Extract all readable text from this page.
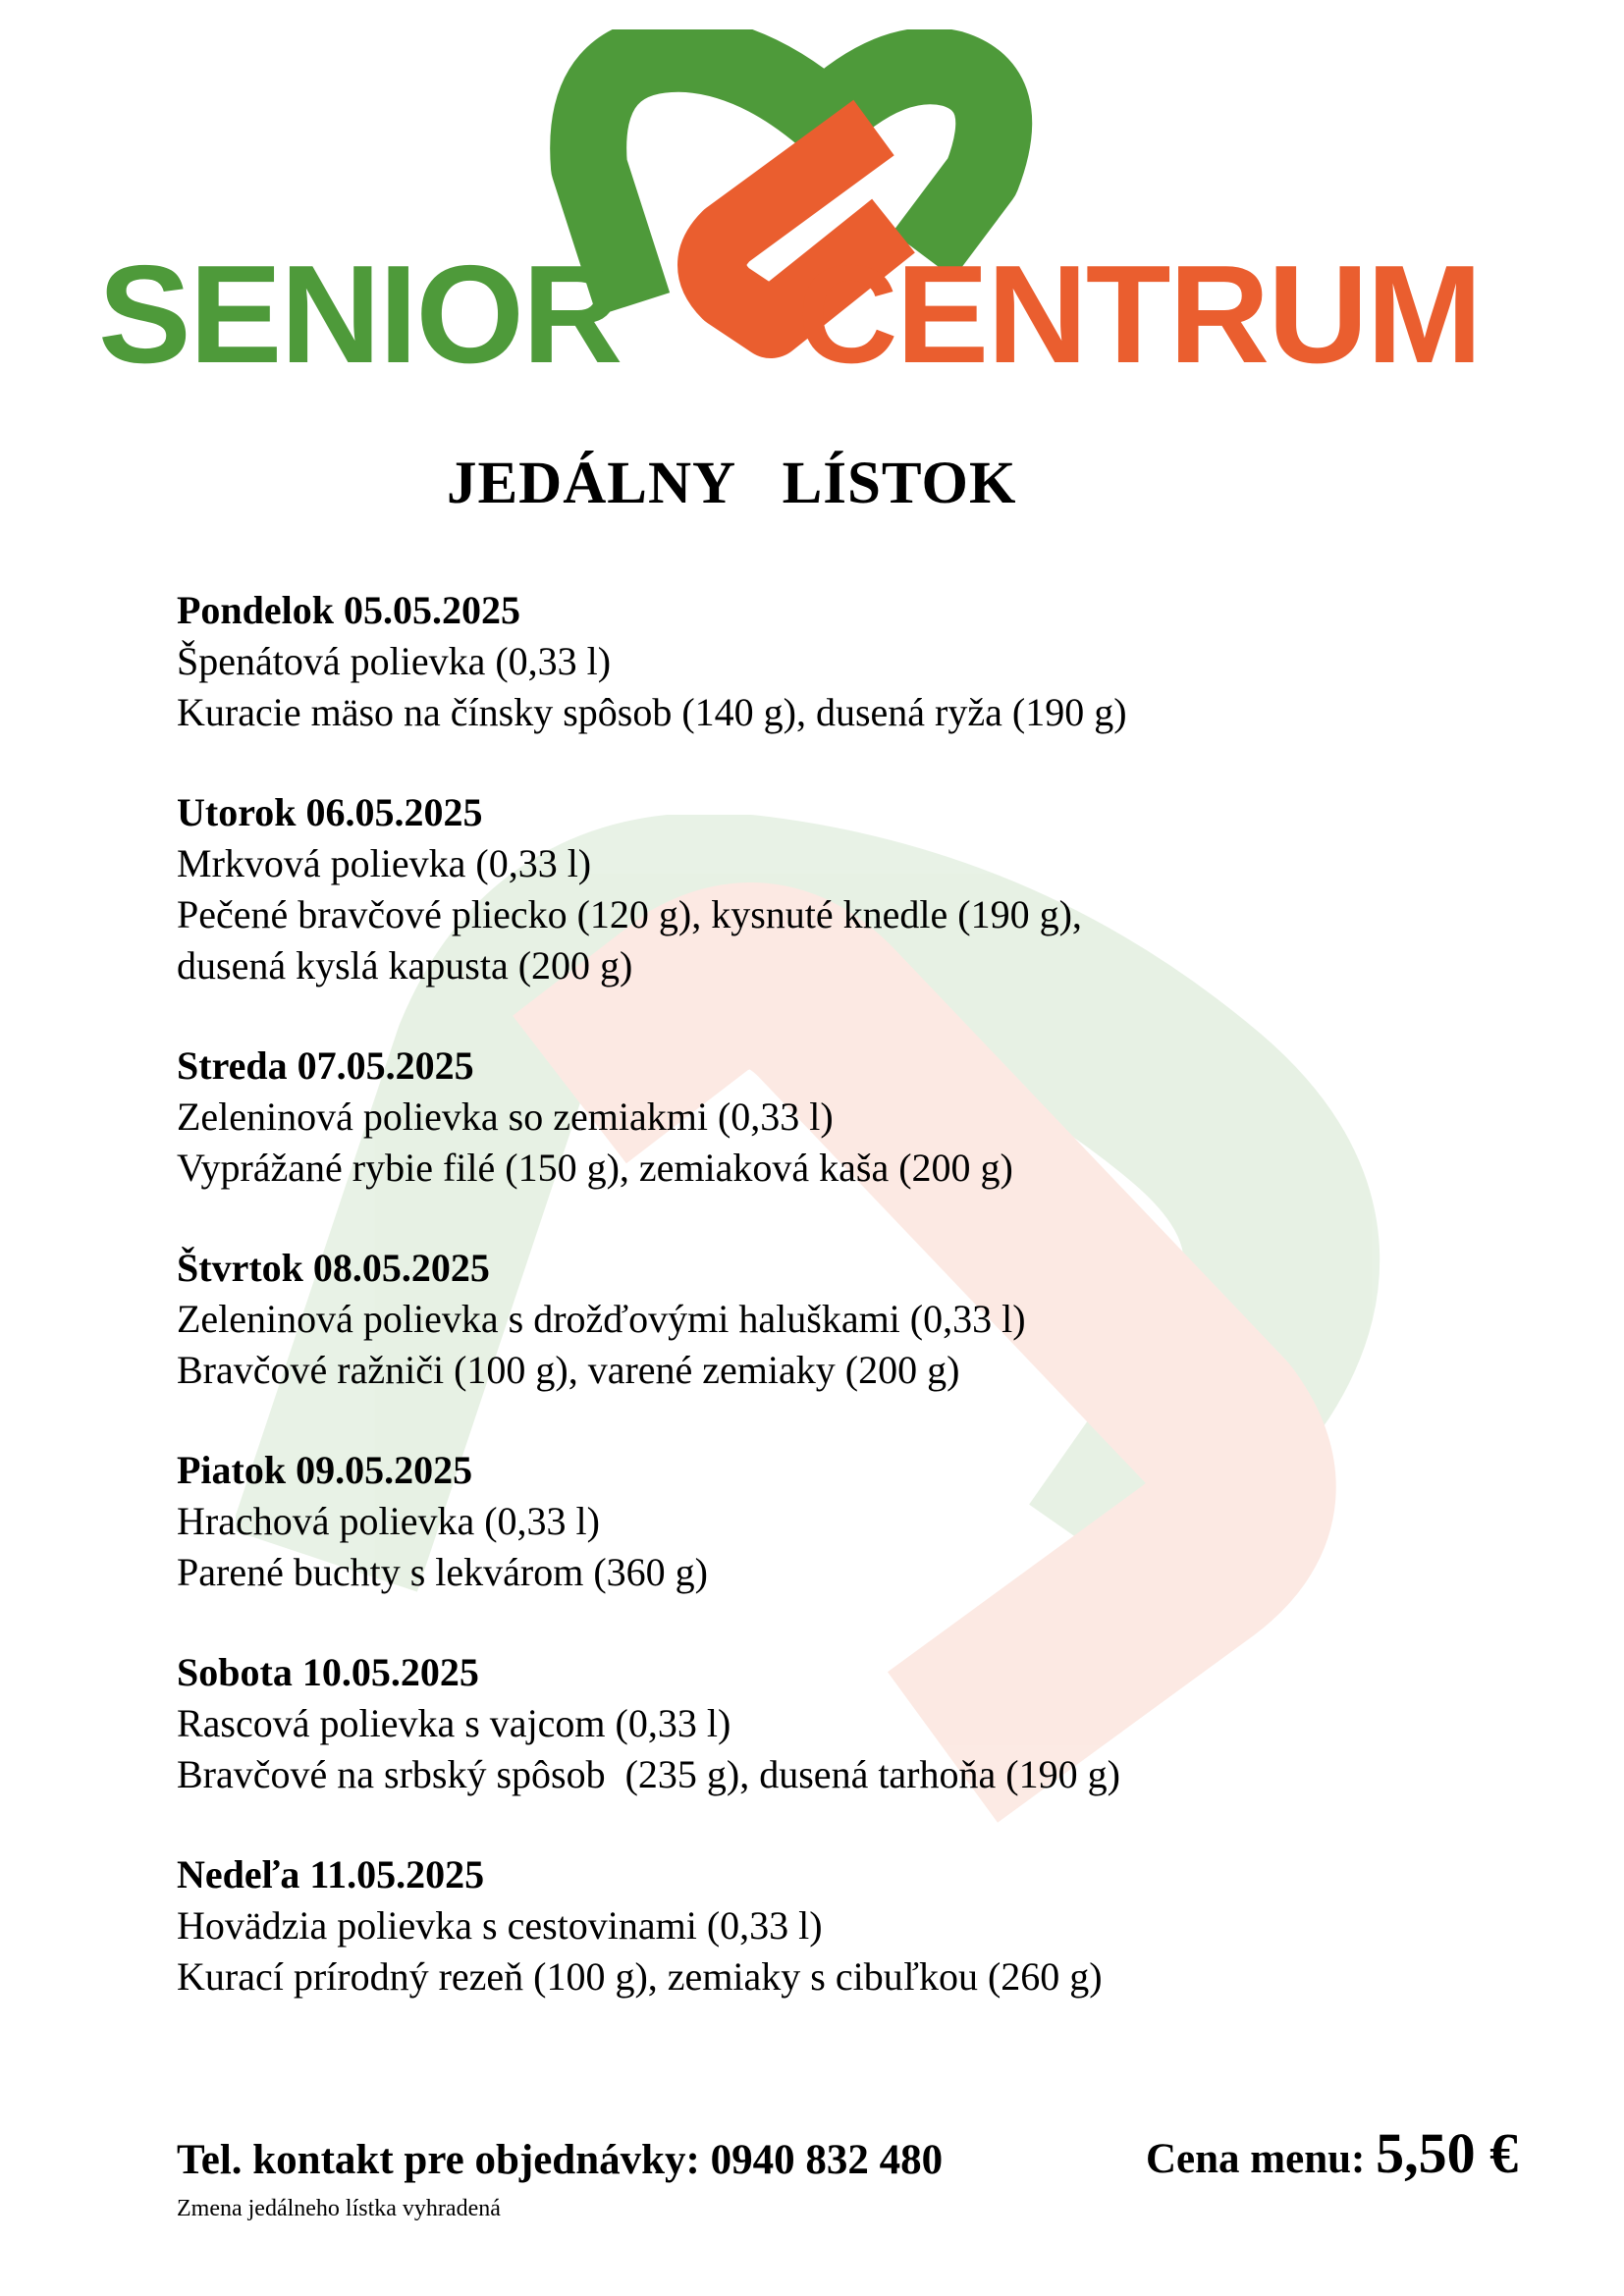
SENIOR CENTRUM

JEDÁLNY   LÍSTOK

Pondelok 05.05.2025

Špenátová polievka (0,33 l)

Kuracie mäso na čínsky spôsob (140 g), dusená ryža (190 g)

Utorok 06.05.2025

Mrkvová polievka (0,33 l)

Pečené bravčové pliecko (120 g), kysnuté knedle (190 g),

dusená kyslá kapusta (200 g)

Streda 07.05.2025

Zeleninová polievka so zemiakmi (0,33 l)

Vyprážané rybie filé (150 g), zemiaková kaša (200 g)

Štvrtok 08.05.2025

Zeleninová polievka s drožďovými haluškami (0,33 l)

Bravčové ražniči (100 g), varené zemiaky (200 g)

Piatok 09.05.2025

Hrachová polievka (0,33 l)

Parené buchty s lekvárom (360 g)

Sobota 10.05.2025

Rascová polievka s vajcom (0,33 l)

Bravčové na srbský spôsob  (235 g), dusená tarhoňa (190 g)

Nedeľa 11.05.2025

Hovädzia polievka s cestovinami (0,33 l)

Kurací prírodný rezeň (100 g), zemiaky s cibuľkou (260 g)

Tel. kontakt pre objednávky: 0940 832 480	Cena menu: 5,50 €

Zmena jedálneho lístka vyhradená
